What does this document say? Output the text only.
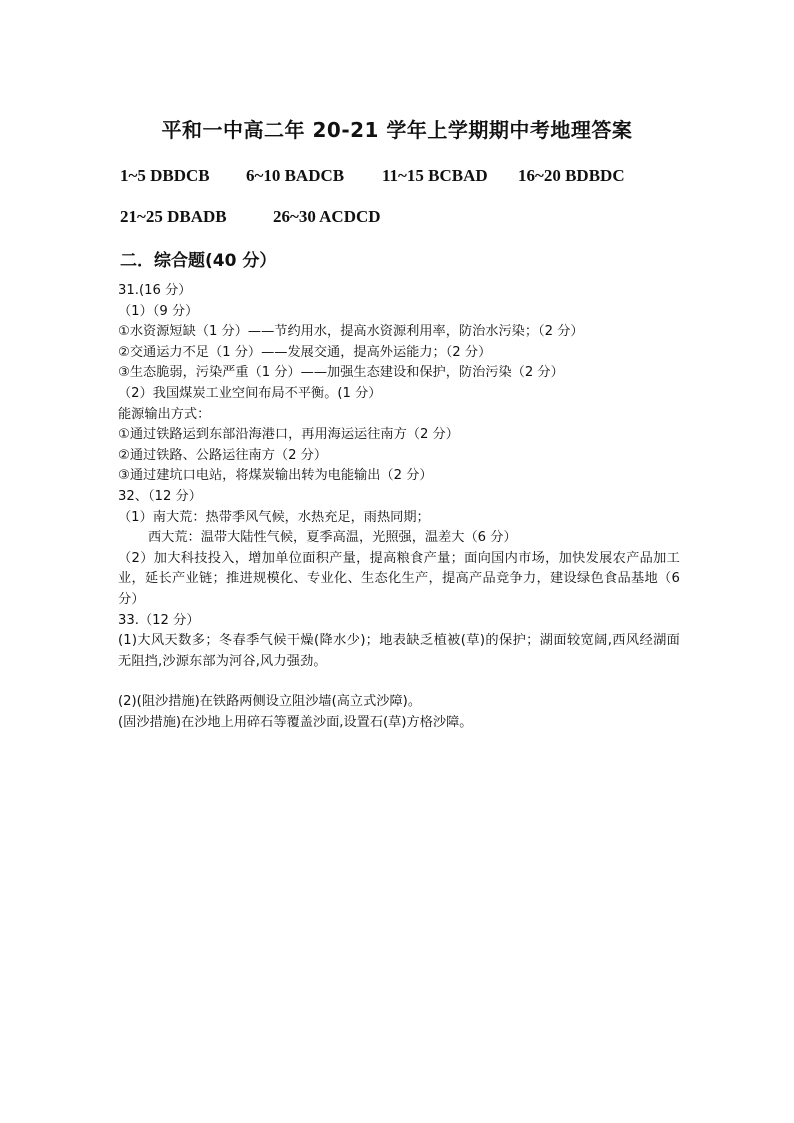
平和一中高二年 20-21 学年上学期期中考地理答案
1~5 DBDCB 6~10 BADCB 11~15 BCBAD 16~20 BDBDC
21~25 DBADB	26~30 ACDCD
二．综合题(40 分）
31.(16 分）
（1）（9 分）
①水资源短缺（1 分）——节约用水，提高水资源利用率，防治水污染；（2 分）
②交通运力不足（1 分）——发展交通，提高外运能力；（2 分）
③生态脆弱，污染严重（1 分）——加强生态建设和保护，防治污染（2 分）
（2）我国煤炭工业空间布局不平衡。(1 分）
能源输出方式：
①通过铁路运到东部沿海港口，再用海运运往南方（2 分）
②通过铁路、公路运往南方（2 分）
③通过建坑口电站，将煤炭输出转为电能输出（2 分）
32、（12 分）
（1）南大荒：热带季风气候，水热充足，雨热同期；
西大荒：温带大陆性气候，夏季高温，光照强，温差大（6 分）
（2）加大科技投入，增加单位面积产量，提高粮食产量；面向国内市场，加快发展农产品加工业，延长产业链；推进规模化、专业化、生态化生产，提高产品竞争力，建设绿色食品基地（6 分）
33.（12 分）
(1)大风天数多；冬春季气候干燥(降水少)；地表缺乏植被(草)的保护；湖面较宽阔,西风经湖面无阻挡,沙源东部为河谷,风力强劲。
(2)(阻沙措施)在铁路两侧设立阻沙墙(高立式沙障)。
(固沙措施)在沙地上用碎石等覆盖沙面,设置石(草)方格沙障。
